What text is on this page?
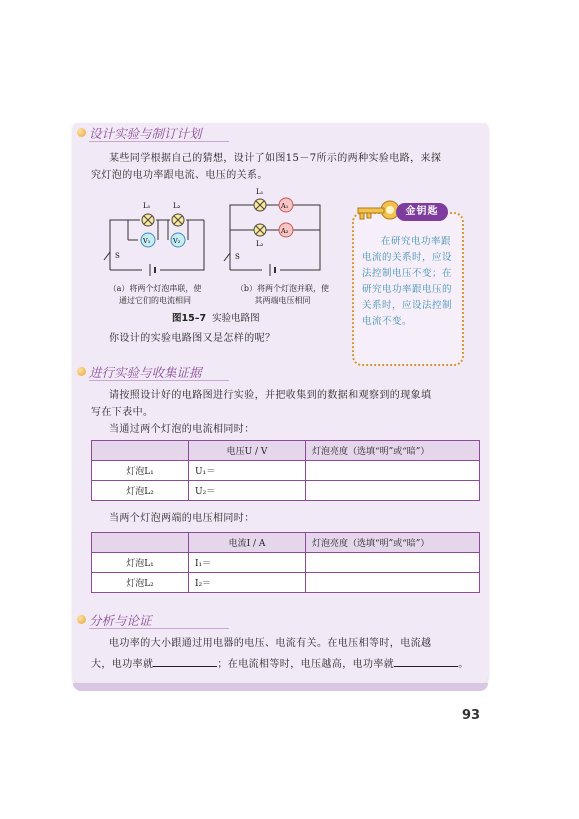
设计实验与制订计划
某些同学根据自己的猜想，设计了如图15－7所示的两种实验电路，来探
究灯泡的电功率跟电流、电压的关系。
L₁	L₂
V₁	V₂
S
L₁
L₂
A₁
A₂
S
（a）将两个灯泡串联，使
通过它们的电流相同
（b）将两个灯泡并联，使
其两端电压相同
图15–7 实验电路图
你设计的实验电路图又是怎样的呢？
金钥匙
在研究电功率跟电流的关系时，应设法控制电压不变；在研究电功率跟电压的关系时，应设法控制电流不变。
进行实验与收集证据
请按照设计好的电路图进行实验，并把收集到的数据和观察到的现象填
写在下表中。
当通过两个灯泡的电流相同时：
	电压U / V	灯泡亮度（选填“明”或“暗”）
灯泡L₁	U₁＝	
灯泡L₂	U₂＝	
当两个灯泡两端的电压相同时：
	电流I / A	灯泡亮度（选填“明”或“暗”）
灯泡L₁	I₁＝	
灯泡L₂	I₂＝	
分析与论证
电功率的大小跟通过用电器的电压、电流有关。在电压相等时，电流越
大，电功率就	；在电流相等时，电压越高，电功率就	。
93
